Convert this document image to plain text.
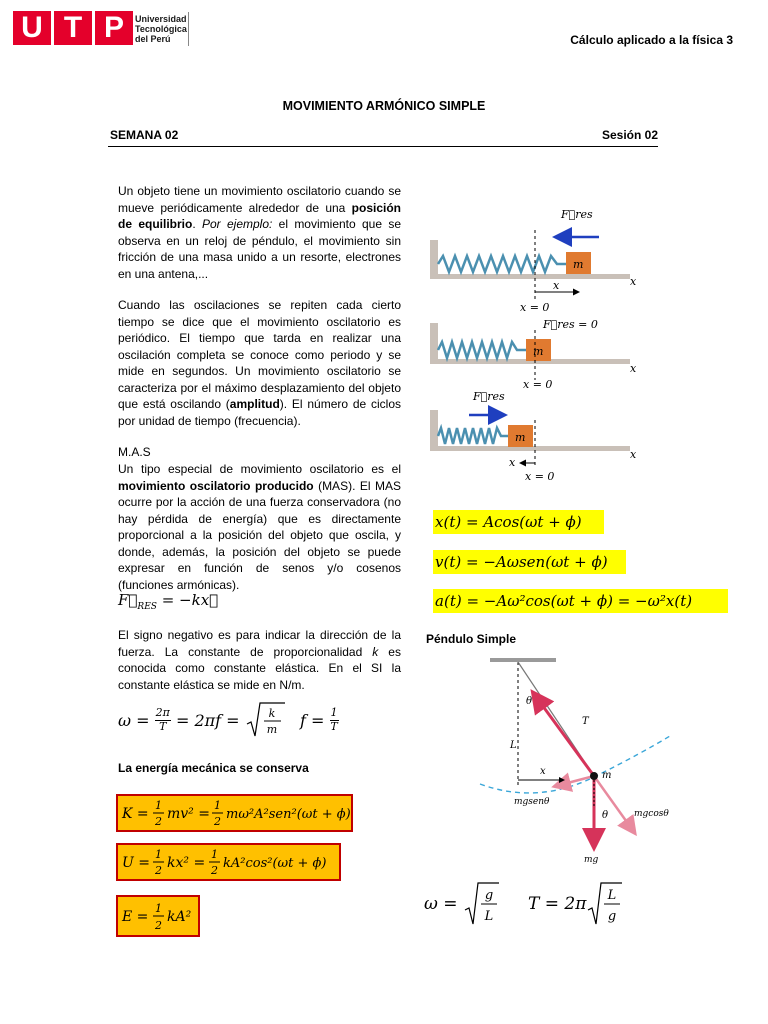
U T P	Universidad
Tecnológica
del Perú	Cálculo aplicado a la física 3
MOVIMIENTO ARMÓNICO SIMPLE
SEMANA 02	Sesión 02
Un objeto tiene un movimiento oscilatorio cuando se mueve periódicamente alrededor de una posición de equilibrio. Por ejemplo: el movimiento que se observa en un reloj de péndulo, el movimiento sin fricción de una masa unido a un resorte, electrones en una antena,...
Cuando las oscilaciones se repiten cada cierto tiempo se dice que el movimiento oscilatorio es periódico. El tiempo que tarda en realizar una oscilación completa se conoce como periodo y se mide en segundos. Un movimiento oscilatorio se caracteriza por el máximo desplazamiento del objeto que está oscilando (amplitud). El número de ciclos por unidad de tiempo (frecuencia).
M.A.S
Un tipo especial de movimiento oscilatorio es el movimiento oscilatorio producido (MAS). El MAS ocurre por la acción de una fuerza conservadora (no hay pérdida de energía) que es directamente proporcional a la posición del objeto que oscila, y donde, además, la posición del objeto se puede expresar en función de senos y/o cosenos (funciones armónicas).
$F⃗_{RES}$ = −kx⃗
El signo negativo es para indicar la dirección de la fuerza. La constante de proporcionalidad k es conocida como constante elástica. En el SI la constante elástica se mide en N/m.
$\omega = \frac{2\pi}{T} = 2\pi f = k$
m $f = \frac{1}{T}$
La energía mecánica se conserva
K =
1
2 mv² =
1
2 mω²A²sen²(ωt + ϕ)
U =
1
2 kx² =
1
2 kA²cos²(ωt + ϕ)
E =
1
2
kA²
F⃗res
m
x	x
x = 0
F⃗res = 0
m
x
x = 0
F⃗res
m
x
x
x = 0
x(t) = Acos(ωt + ϕ)
v(t) = −Aωsen(ωt + ϕ)
a(t) = −Aω²cos(ωt + ϕ) = −ω²x(t)
Péndulo Simple
θ
T
L
x	m
mgsenθ
mgcosθ
θ
mg
ω = g
L
T = 2π L
g
